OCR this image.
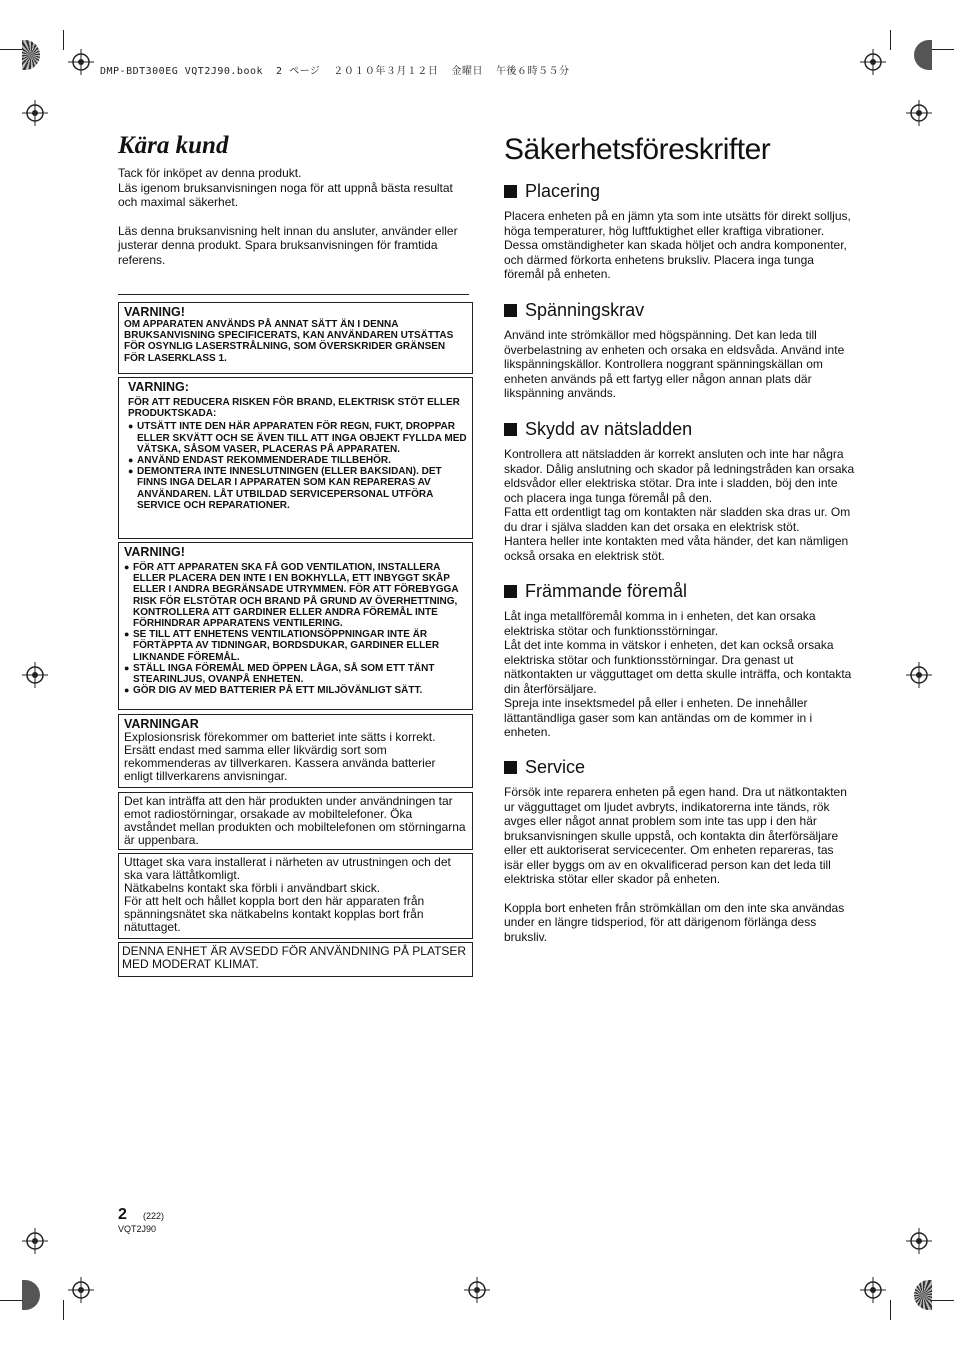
DMP-BDT300EG VQT2J90.book  2 ページ  ２０１０年３月１２日  金曜日  午後６時５５分
Kära kund

Tack för inköpet av denna produkt.
Läs igenom bruksanvisningen noga för att uppnå bästa resultat och maximal säkerhet.

Läs denna bruksanvisning helt innan du ansluter, använder eller justerar denna produkt. Spara bruksanvisningen för framtida referens.

VARNING!
OM APPARATEN ANVÄNDS PÅ ANNAT SÄTT ÄN I DENNA BRUKSANVISNING SPECIFICERATS, KAN ANVÄNDAREN UTSÄTTAS FÖR OSYNLIG LASERSTRÅLNING, SOM ÖVERSKRIDER GRÄNSEN FÖR LASERKLASS 1.
VARNING:
FÖR ATT REDUCERA RISKEN FÖR BRAND, ELEKTRISK STÖT ELLER PRODUKTSKADA:
● UTSÄTT INTE DEN HÄR APPARATEN FÖR REGN, FUKT, DROPPAR ELLER SKVÄTT OCH SE ÄVEN TILL ATT INGA OBJEKT FYLLDA MED VÄTSKA, SÅSOM VASER, PLACERAS PÅ APPARATEN.
● ANVÄND ENDAST REKOMMENDERADE TILLBEHÖR.
● DEMONTERA INTE INNESLUTNINGEN (ELLER BAKSIDAN). DET FINNS INGA DELAR I APPARATEN SOM KAN REPARERAS AV ANVÄNDAREN. LÅT UTBILDAD SERVICEPERSONAL UTFÖRA SERVICE OCH REPARATIONER.
VARNING!
● FÖR ATT APPARATEN SKA FÅ GOD VENTILATION, INSTALLERA ELLER PLACERA DEN INTE I EN BOKHYLLA, ETT INBYGGT SKÅP ELLER I ANDRA BEGRÄNSADE UTRYMMEN. FÖR ATT FÖREBYGGA RISK FÖR ELSTÖTAR OCH BRAND PÅ GRUND AV ÖVERHETTNING, KONTROLLERA ATT GARDINER ELLER ANDRA FÖREMÅL INTE FÖRHINDRAR APPARATENS VENTILERING.
● SE TILL ATT ENHETENS VENTILATIONSÖPPNINGAR INTE ÄR FÖRTÄPPTA AV TIDNINGAR, BORDSDUKAR, GARDINER ELLER LIKNANDE FÖREMÅL.
● STÄLL INGA FÖREMÅL MED ÖPPEN LÅGA, SÅ SOM ETT TÄNT STEARINLJUS, OVANPÅ ENHETEN.
● GÖR DIG AV MED BATTERIER PÅ ETT MILJÖVÄNLIGT SÄTT.
VARNINGAR
Explosionsrisk förekommer om batteriet inte sätts i korrekt. Ersätt endast med samma eller likvärdig sort som rekommenderas av tillverkaren. Kassera använda batterier enligt tillverkarens anvisningar.
Det kan inträffa att den här produkten under användningen tar emot radiostörningar, orsakade av mobiltelefoner. Öka avståndet mellan produkten och mobiltelefonen om störningarna är uppenbara.
Uttaget ska vara installerat i närheten av utrustningen och det ska vara lättåtkomligt.
Nätkabelns kontakt ska förbli i användbart skick.
För att helt och hållet koppla bort den här apparaten från spänningsnätet ska nätkabelns kontakt kopplas bort från nätuttaget.
DENNA ENHET ÄR AVSEDD FÖR ANVÄNDNING PÅ PLATSER MED MODERAT KLIMAT.
Säkerhetsföreskrifter
Placering

Placera enheten på en jämn yta som inte utsätts för direkt solljus, höga temperaturer, hög luftfuktighet eller kraftiga vibrationer. Dessa omständigheter kan skada höljet och andra komponenter, och därmed förkorta enhetens bruksliv. Placera inga tunga föremål på enheten.

Spänningskrav

Använd inte strömkällor med högspänning. Det kan leda till överbelastning av enheten och orsaka en eldsvåda. Använd inte likspänningskällor. Kontrollera noggrant spänningskällan om enheten används på ett fartyg eller någon annan plats där likspänning används.

Skydd av nätsladden

Kontrollera att nätsladden är korrekt ansluten och inte har några skador. Dålig anslutning och skador på ledningstråden kan orsaka eldsvådor eller elektriska stötar. Dra inte i sladden, böj den inte och placera inga tunga föremål på den.

Fatta ett ordentligt tag om kontakten när sladden ska dras ur. Om du drar i själva sladden kan det orsaka en elektrisk stöt.

Hantera heller inte kontakten med våta händer, det kan nämligen också orsaka en elektrisk stöt.

Främmande föremål

Låt inga metallföremål komma in i enheten, det kan orsaka elektriska stötar och funktionsstörningar.

Låt det inte komma in vätskor i enheten, det kan också orsaka elektriska stötar och funktionsstörningar. Dra genast ut nätkontakten ur vägguttaget om detta skulle inträffa, och kontakta din återförsäljare.

Spreja inte insektsmedel på eller i enheten. De innehåller lättantändliga gaser som kan antändas om de kommer in i enheten.

Service

Försök inte reparera enheten på egen hand. Dra ut nätkontakten ur vägguttaget om ljudet avbryts, indikatorerna inte tänds, rök avges eller något annat problem som inte tas upp i den här bruksanvisningen skulle uppstå, och kontakta din återförsäljare eller ett auktoriserat servicecenter. Om enheten repareras, tas isär eller byggs om av en okvalificerad person kan det leda till elektriska stötar eller skador på enheten.

Koppla bort enheten från strömkällan om den inte ska användas under en längre tidsperiod, för att därigenom förlänga dess bruksliv.

2 (222)
VQT2J90
